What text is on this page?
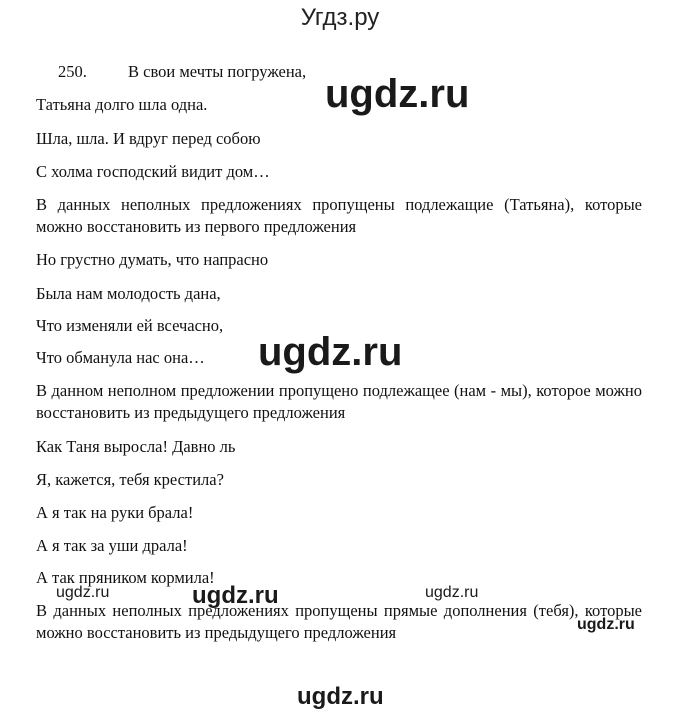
Угдз.ру
250. В свои мечты погружена,
Татьяна долго шла одна.
Шла, шла. И вдруг перед собою
С холма господский видит дом…
В данных неполных предложениях пропущены подлежащие (Татьяна), которые можно восстановить из первого предложения
Но грустно думать, что напрасно
Была нам молодость дана,
Что изменяли ей всечасно,
Что обманула нас она…
В данном неполном предложении пропущено подлежащее (нам - мы), которое можно восстановить из предыдущего предложения
Как Таня выросла! Давно ль
Я, кажется, тебя крестила?
А я так на руки брала!
А я так за уши драла!
А так пряником кормила!
В данных неполных предложениях пропущены прямые дополнения (тебя), которые можно восстановить из предыдущего предложения
ugdz.ru
ugdz.ru
ugdz.ru	ugdz.ru	ugdz.ru
ugdz.ru
ugdz.ru
